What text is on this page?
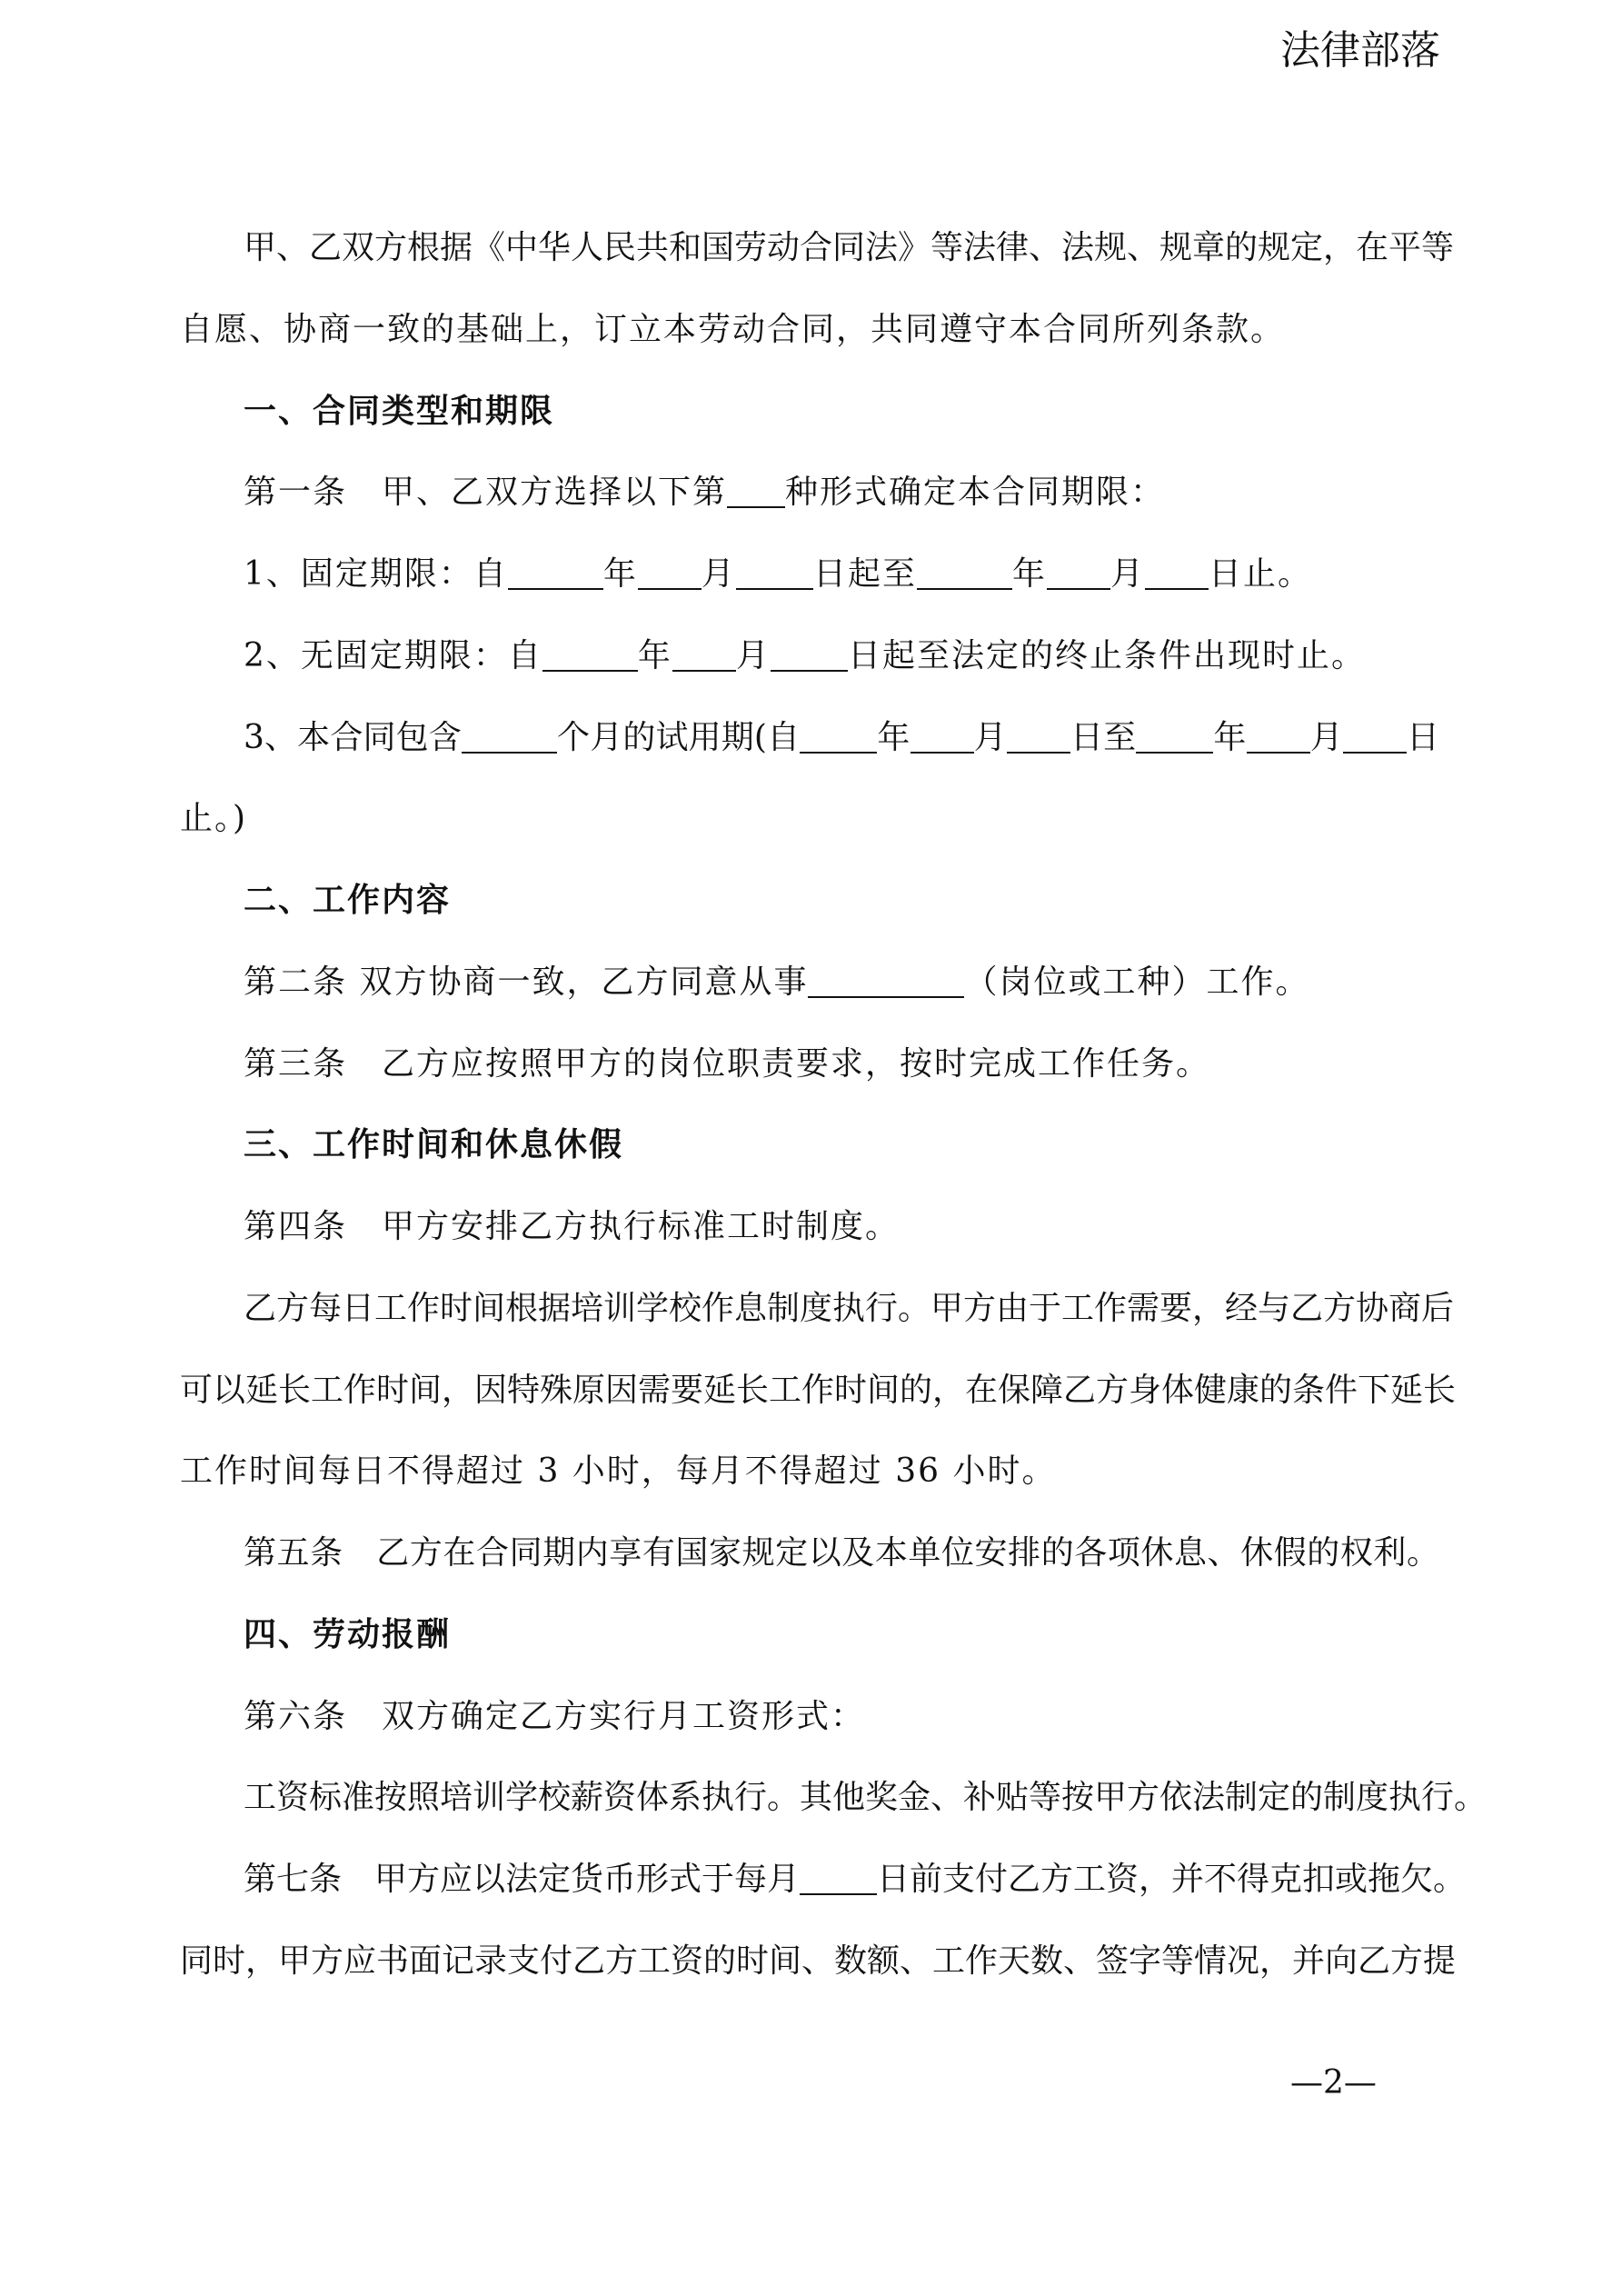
法律部落
甲、乙双方根据《中华人民共和国劳动合同法》等法律、法规、规章的规定，在平等
自愿、协商一致的基础上，订立本劳动合同，共同遵守本合同所列条款。
一、合同类型和期限
第一条　甲、乙双方选择以下第 种形式确定本合同期限：
1、固定期限：自	年 月 日起至	年 月 日止。
2、无固定期限：自	年 月 日起至法定的终止条件出现时止。
3、本合同包含	个月的试用期(自 年 月 日至 年 月 日
止。)
二、工作内容
第二条 双方协商一致，乙方同意从事	（岗位或工种）工作。
第三条　乙方应按照甲方的岗位职责要求，按时完成工作任务。
三、工作时间和休息休假
第四条　甲方安排乙方执行标准工时制度。
乙方每日工作时间根据培训学校作息制度执行。甲方由于工作需要，经与乙方协商后
可以延长工作时间，因特殊原因需要延长工作时间的，在保障乙方身体健康的条件下延长
工作时间每日不得超过 3 小时，每月不得超过 36 小时。
第五条　乙方在合同期内享有国家规定以及本单位安排的各项休息、休假的权利。
四、劳动报酬
第六条　双方确定乙方实行月工资形式：
工资标准按照培训学校薪资体系执行。其他奖金、补贴等按甲方依法制定的制度执行。
第七条　甲方应以法定货币形式于每月 日前支付乙方工资，并不得克扣或拖欠。
同时，甲方应书面记录支付乙方工资的时间、数额、工作天数、签字等情况，并向乙方提
—2—
